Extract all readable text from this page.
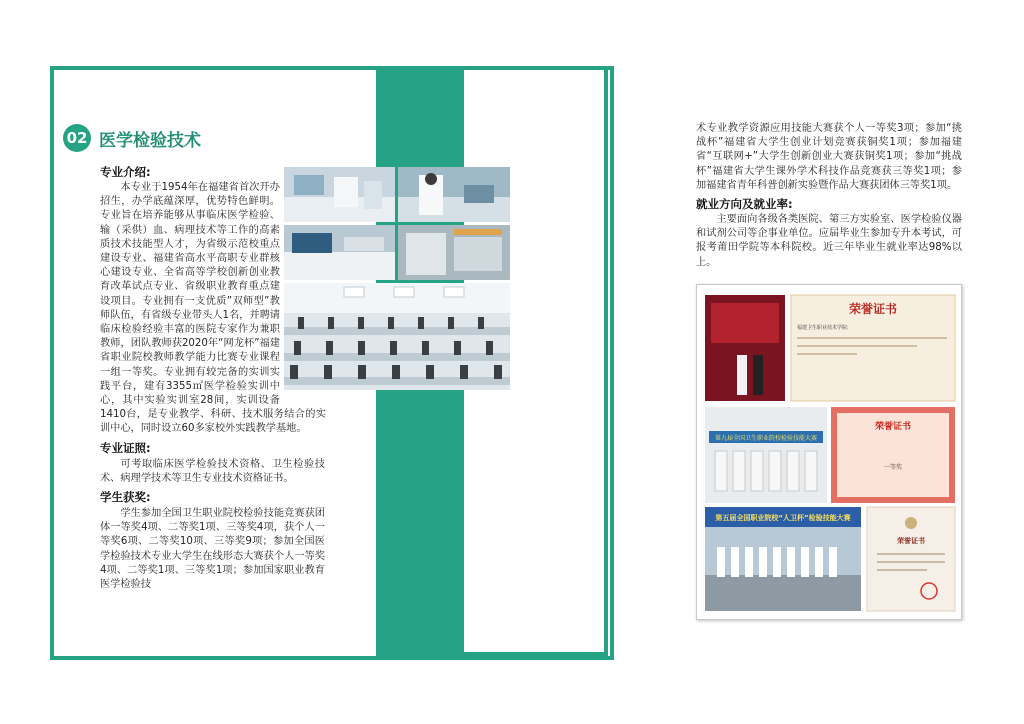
02 医学检验技术
专业介绍:
本专业于1954年在福建省首次开办招生，办学底蕴深厚，优势特色鲜明。专业旨在培养能够从事临床医学检验、输（采供）血、病理技术等工作的高素质技术技能型人才，为省级示范校重点建设专业、福建省高水平高职专业群核心建设专业、全省高等学校创新创业教育改革试点专业、省级职业教育重点建设项目。专业拥有一支优质”双师型”教师队伍，有省级专业带头人1名，并聘请临床检验经验丰富的医院专家作为兼职教师，团队教师获2020年“网龙杯”福建省职业院校教师教学能力比赛专业课程一组一等奖。专业拥有较完备的实训实践平台，建有3355㎡医学检验实训中心，其中实验实训室28间，实训设备1410台，是专业教学、科研、技术服务结合的实训中心，同时设立60多家校外实践教学基地。

专业证照:

可考取临床医学检验技术资格、卫生检验技术、病理学技术等卫生专业技术资格证书。

学生获奖:

学生参加全国卫生职业院校检验技能竞赛获团体一等奖4项、二等奖1项、三等奖4项，获个人一等奖6项、二等奖10项、三等奖9项；参加全国医学检验技术专业大学生在线形态大赛获个人一等奖4项、二等奖1项、三等奖1项；参加国家职业教育医学检验技

术专业教学资源应用技能大赛获个人一等奖3项；参加“挑战杯”福建省大学生创业计划竞赛获铜奖1项；参加福建省“互联网+”大学生创新创业大赛获铜奖1项；参加“挑战杯”福建省大学生课外学术科技作品竞赛获三等奖1项；参加福建省青年科普创新实验暨作品大赛获团体三等奖1项。

就业方向及就业率:

主要面向各级各类医院、第三方实验室、医学检验仪器和试剂公司等企事业单位。应届毕业生参加专升本考试，可报考莆田学院等本科院校。近三年毕业生就业率达98%以上。

荣誉证书
福建卫生职业技术学院:
第九届全国卫生职业院校检验技能大赛
荣誉证书
一等奖
第五届全国职业院校“人卫杯”检验技能大赛
荣誉证书
